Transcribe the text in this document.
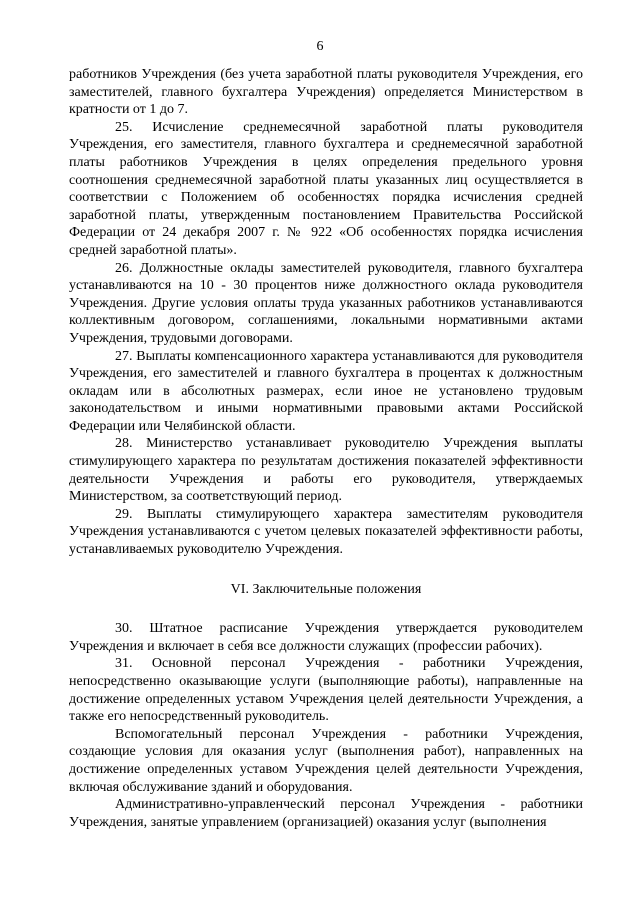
6

работников Учреждения (без учета заработной платы руководителя Учреждения, его заместителей, главного бухгалтера Учреждения) определяется Министерством в кратности от 1 до 7.

25. Исчисление среднемесячной заработной платы руководителя Учреждения, его заместителя, главного бухгалтера и среднемесячной заработной платы работников Учреждения в целях определения предельного уровня соотношения среднемесячной заработной платы указанных лиц осуществляется в соответствии с Положением об особенностях порядка исчисления средней заработной платы, утвержденным постановлением Правительства Российской Федерации от 24 декабря 2007 г. № 922 «Об особенностях порядка исчисления средней заработной платы».

26. Должностные оклады заместителей руководителя, главного бухгалтера устанавливаются на 10 - 30 процентов ниже должностного оклада руководителя Учреждения. Другие условия оплаты труда указанных работников устанавливаются коллективным договором, соглашениями, локальными нормативными актами Учреждения, трудовыми договорами.

27. Выплаты компенсационного характера устанавливаются для руководителя Учреждения, его заместителей и главного бухгалтера в процентах к должностным окладам или в абсолютных размерах, если иное не установлено трудовым законодательством и иными нормативными правовыми актами Российской Федерации или Челябинской области.

28. Министерство устанавливает руководителю Учреждения выплаты стимулирующего характера по результатам достижения показателей эффективности деятельности Учреждения и работы его руководителя, утверждаемых Министерством, за соответствующий период.

29. Выплаты стимулирующего характера заместителям руководителя Учреждения устанавливаются с учетом целевых показателей эффективности работы, устанавливаемых руководителю Учреждения.

VI. Заключительные положения

30. Штатное расписание Учреждения утверждается руководителем Учреждения и включает в себя все должности служащих (профессии рабочих).

31. Основной персонал Учреждения - работники Учреждения, непосредственно оказывающие услуги (выполняющие работы), направленные на достижение определенных уставом Учреждения целей деятельности Учреждения, а также его непосредственный руководитель.

Вспомогательный персонал Учреждения - работники Учреждения, создающие условия для оказания услуг (выполнения работ), направленных на достижение определенных уставом Учреждения целей деятельности Учреждения, включая обслуживание зданий и оборудования.

Административно-управленческий персонал Учреждения - работники Учреждения, занятые управлением (организацией) оказания услуг (выполнения
